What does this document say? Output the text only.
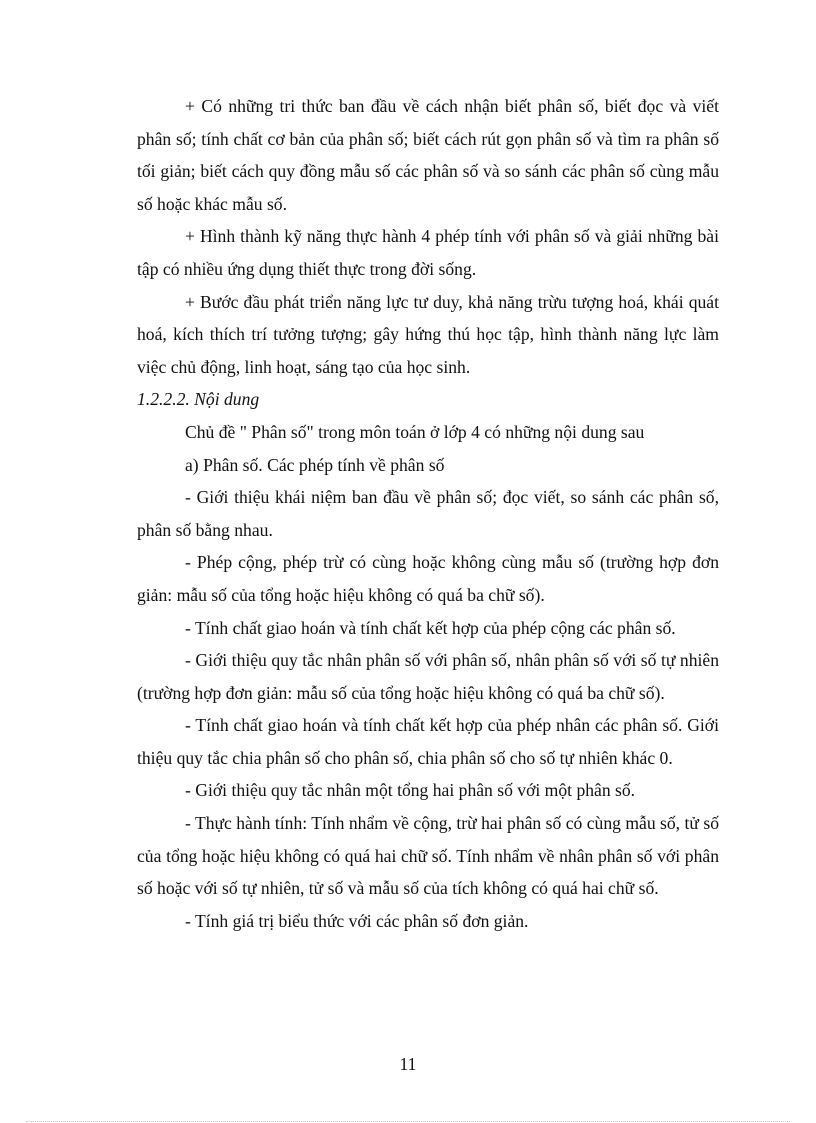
+ Có những tri thức ban đầu về cách nhận biết phân số, biết đọc và viết phân số; tính chất cơ bản của phân số; biết cách rút gọn phân số và tìm ra phân số tối giản; biết cách quy đồng mẫu số các phân số và so sánh các phân số cùng mẫu số hoặc khác mẫu số.

+ Hình thành kỹ năng thực hành 4 phép tính với phân số và giải những bài tập có nhiều ứng dụng thiết thực trong đời sống.

+ Bước đầu phát triển năng lực tư duy, khả năng trừu tượng hoá, khái quát hoá, kích thích trí tưởng tượng; gây hứng thú học tập, hình thành năng lực làm việc chủ động, linh hoạt, sáng tạo của học sinh.

1.2.2.2. Nội dung

Chủ đề " Phân số" trong môn toán ở lớp 4 có những nội dung sau

a) Phân số. Các phép tính về phân số

- Giới thiệu khái niệm ban đầu về phân số; đọc viết, so sánh các phân số, phân số bằng nhau.

- Phép cộng, phép trừ có cùng hoặc không cùng mẫu số (trường hợp đơn giản: mẫu số của tổng hoặc hiệu không có quá ba chữ số).

- Tính chất giao hoán và tính chất kết hợp của phép cộng các phân số.

- Giới thiệu quy tắc nhân phân số với phân số, nhân phân số với số tự nhiên (trường hợp đơn giản: mẫu số của tổng hoặc hiệu không có quá ba chữ số).

- Tính chất giao hoán và tính chất kết hợp của phép nhân các phân số. Giới thiệu quy tắc chia phân số cho phân số, chia phân số cho số tự nhiên khác 0.

- Giới thiệu quy tắc nhân một tổng hai phân số với một phân số.

- Thực hành tính: Tính nhẩm về cộng, trừ hai phân số có cùng mẫu số, tử số của tổng hoặc hiệu không có quá hai chữ số. Tính nhẩm về nhân phân số với phân số hoặc với số tự nhiên, tử số và mẫu số của tích không có quá hai chữ số.

- Tính giá trị biểu thức với các phân số đơn giản.

11
